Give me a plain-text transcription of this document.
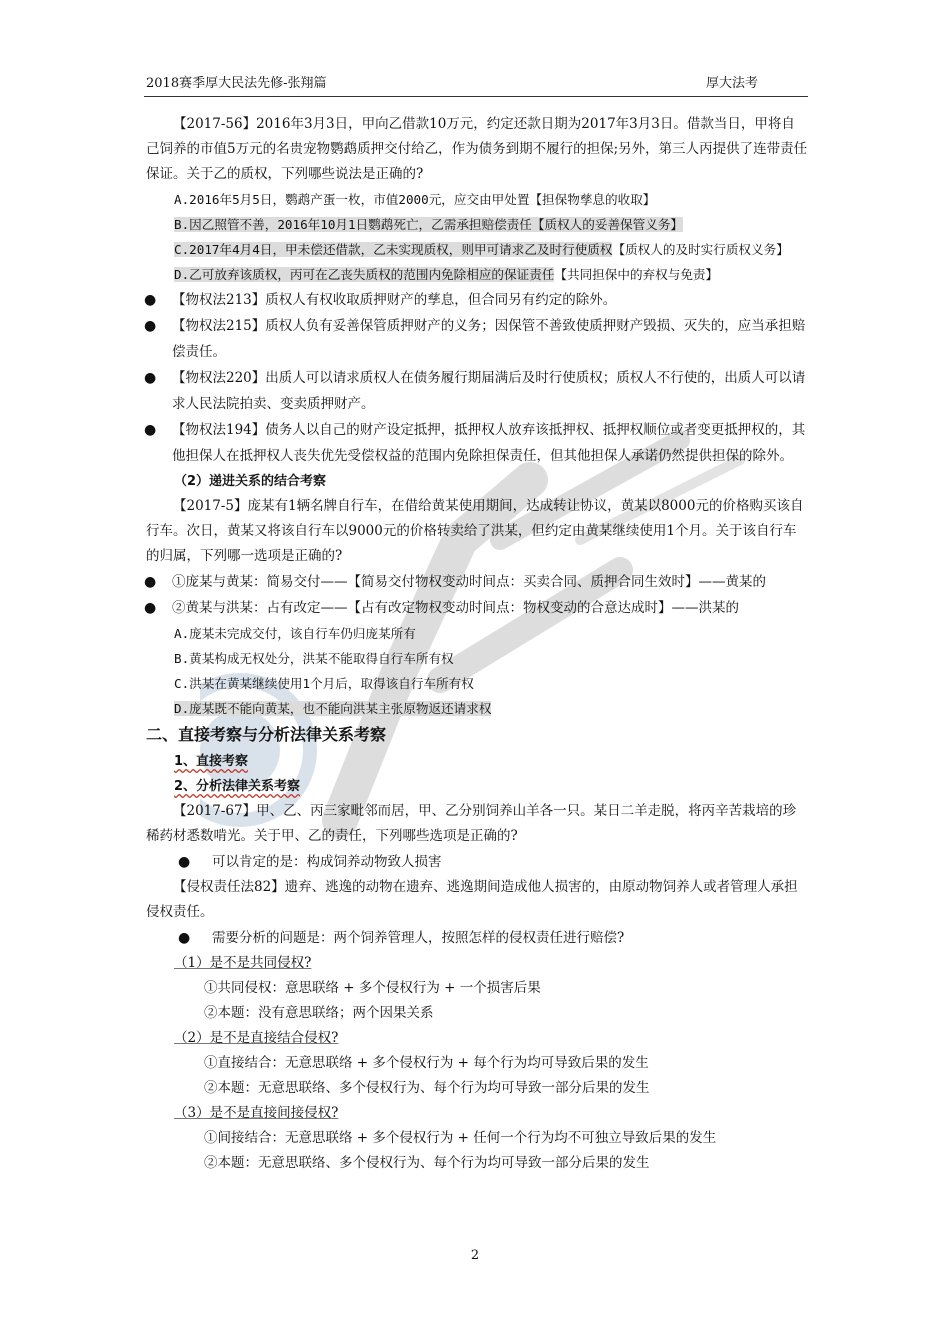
2018赛季厚大民法先修-张翔篇	厚大法考

【2017-56】2016年3月3日，甲向乙借款10万元，约定还款日期为2017年3月3日。借款当日，甲将自己饲养的市值5万元的名贵宠物鹦鹉质押交付给乙，作为债务到期不履行的担保;另外，第三人丙提供了连带责任保证。关于乙的质权，下列哪些说法是正确的?

A.2016年5月5日，鹦鹉产蛋一枚，市值2000元，应交由甲处置【担保物孳息的收取】

B.因乙照管不善，2016年10月1日鹦鹉死亡，乙需承担赔偿责任【质权人的妥善保管义务】

C.2017年4月4日，甲未偿还借款，乙未实现质权，则甲可请求乙及时行使质权【质权人的及时实行质权义务】

D.乙可放弃该质权，丙可在乙丧失质权的范围内免除相应的保证责任【共同担保中的弃权与免责】

● 【物权法213】质权人有权收取质押财产的孳息，但合同另有约定的除外。
● 【物权法215】质权人负有妥善保管质押财产的义务；因保管不善致使质押财产毁损、灭失的，应当承担赔偿责任。
● 【物权法220】出质人可以请求质权人在债务履行期届满后及时行使质权；质权人不行使的，出质人可以请求人民法院拍卖、变卖质押财产。
● 【物权法194】债务人以自己的财产设定抵押，抵押权人放弃该抵押权、抵押权顺位或者变更抵押权的，其他担保人在抵押权人丧失优先受偿权益的范围内免除担保责任，但其他担保人承诺仍然提供担保的除外。

（2）递进关系的结合考察

【2017-5】庞某有1辆名牌自行车，在借给黄某使用期间，达成转让协议，黄某以8000元的价格购买该自行车。次日，黄某又将该自行车以9000元的价格转卖给了洪某，但约定由黄某继续使用1个月。关于该自行车的归属，下列哪一选项是正确的?

● ①庞某与黄某：简易交付——【简易交付物权变动时间点：买卖合同、质押合同生效时】——黄某的
● ②黄某与洪某：占有改定——【占有改定物权变动时间点：物权变动的合意达成时】——洪某的

A.庞某未完成交付，该自行车仍归庞某所有

B.黄某构成无权处分，洪某不能取得自行车所有权

C.洪某在黄某继续使用1个月后，取得该自行车所有权

D.庞某既不能向黄某，也不能向洪某主张原物返还请求权

二、直接考察与分析法律关系考察

1、直接考察

2、分析法律关系考察

【2017-67】甲、乙、丙三家毗邻而居，甲、乙分别饲养山羊各一只。某日二羊走脱，将丙辛苦栽培的珍稀药材悉数啃光。关于甲、乙的责任，下列哪些选项是正确的?

● 可以肯定的是：构成饲养动物致人损害

【侵权责任法82】遗弃、逃逸的动物在遗弃、逃逸期间造成他人损害的，由原动物饲养人或者管理人承担侵权责任。

● 需要分析的问题是：两个饲养管理人，按照怎样的侵权责任进行赔偿?

（1）是不是共同侵权?

①共同侵权：意思联络 + 多个侵权行为 + 一个损害后果

②本题：没有意思联络；两个因果关系

（2）是不是直接结合侵权?

①直接结合：无意思联络 + 多个侵权行为 + 每个行为均可导致后果的发生

②本题：无意思联络、多个侵权行为、每个行为均可导致一部分后果的发生

（3）是不是直接间接侵权?

①间接结合：无意思联络 + 多个侵权行为 + 任何一个行为均不可独立导致后果的发生

②本题：无意思联络、多个侵权行为、每个行为均可导致一部分后果的发生

2
